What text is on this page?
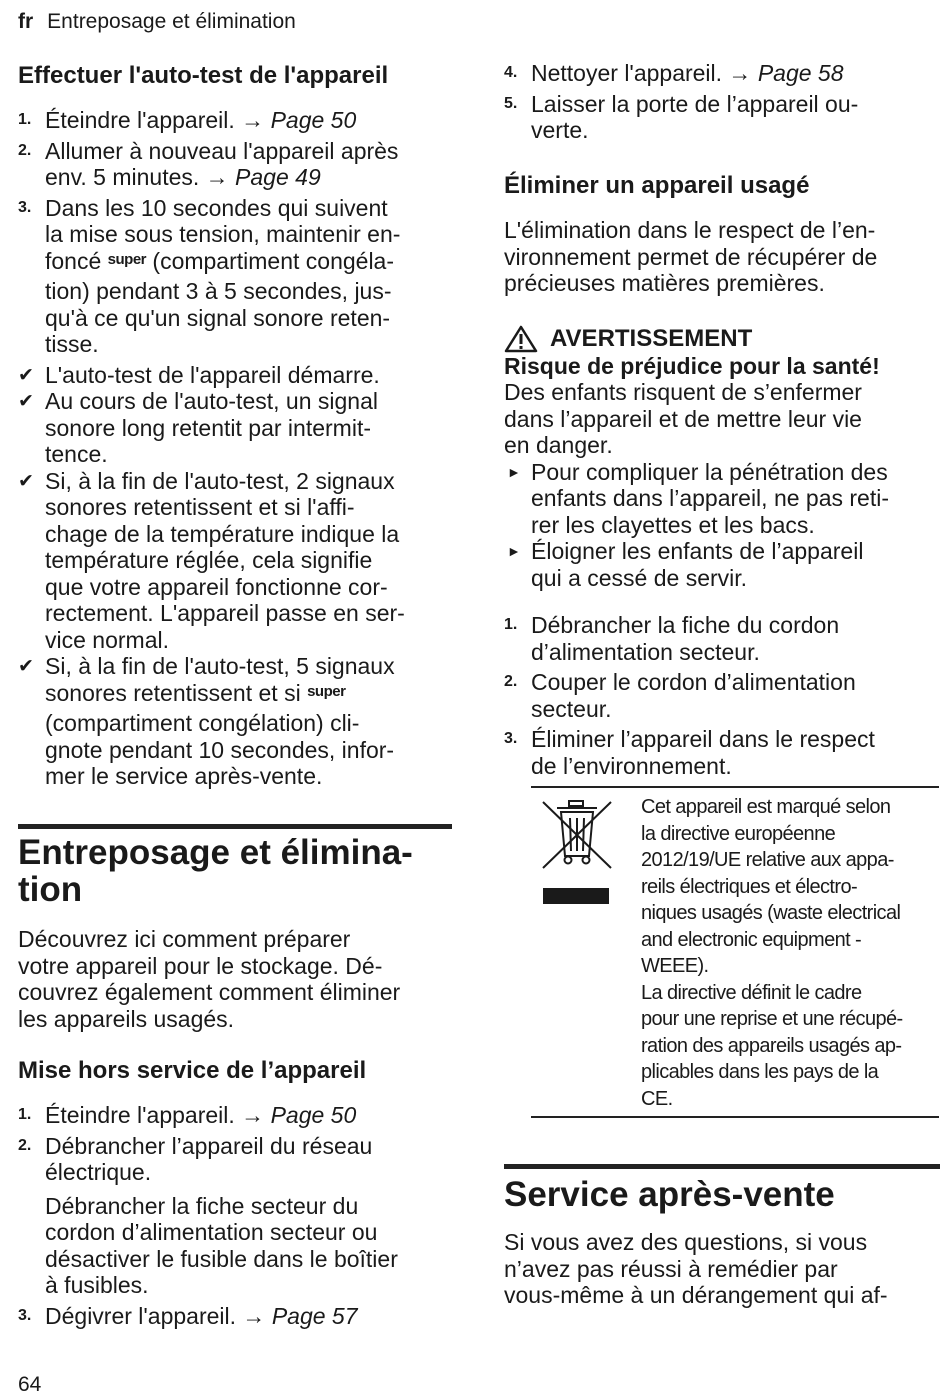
fr Entreposage et élimination
Effectuer l'auto-test de l'appareil
1. Éteindre l'appareil. → Page 50
2. Allumer à nouveau l'appareil après
env. 5 minutes. → Page 49
3. Dans les 10 secondes qui suivent
la mise sous tension, maintenir en-
foncé $^{super}$ (compartiment congéla-
tion) pendant 3 à 5 secondes, jus-
qu'à ce qu'un signal sonore reten-
tisse.
✔ L'auto-test de l'appareil démarre.
✔ Au cours de l'auto-test, un signal
sonore long retentit par intermit-
tence.
✔ Si, à la fin de l'auto-test, 2 signaux
sonores retentissent et si l'affi-
chage de la température indique la
température réglée, cela signifie
que votre appareil fonctionne cor-
rectement. L'appareil passe en ser-
vice normal.
✔ Si, à la fin de l'auto-test, 5 signaux
sonores retentissent et si $^{super}$
(compartiment congélation) cli-
gnote pendant 10 secondes, infor-
mer le service après-vente.
Entreposage et élimina-
tion

Découvrez ici comment préparer
votre appareil pour le stockage. Dé-
couvrez également comment éliminer
les appareils usagés.

Mise hors service de l’appareil
1. Éteindre l'appareil. → Page 50
2. Débrancher l’appareil du réseau
électrique.
Débrancher la fiche secteur du
cordon d’alimentation secteur ou
désactiver le fusible dans le boîtier
à fusibles.
3. Dégivrer l'appareil. → Page 57
4. Nettoyer l'appareil. → Page 58
5. Laisser la porte de l’appareil ou-
verte.
Éliminer un appareil usagé

L'élimination dans le respect de l’en-
vironnement permet de récupérer de
précieuses matières premières.

AVERTISSEMENT
Risque de préjudice pour la santé!

Des enfants risquent de s’enfermer
dans l’appareil et de mettre leur vie
en danger.

► Pour compliquer la pénétration des
enfants dans l’appareil, ne pas reti-
rer les clayettes et les bacs.
► Éloigner les enfants de l’appareil
qui a cessé de servir.
1. Débrancher la fiche du cordon
d’alimentation secteur.
2. Couper le cordon d’alimentation
secteur.
3. Éliminer l’appareil dans le respect
de l’environnement.
Cet appareil est marqué selon
la directive européenne
2012/19/UE relative aux appa-
reils électriques et électro-
niques usagés (waste electrical
and electronic equipment -
WEEE).
La directive définit le cadre
pour une reprise et une récupé-
ration des appareils usagés ap-
plicables dans les pays de la
CE.
Service après-vente

Si vous avez des questions, si vous
n’avez pas réussi à remédier par
vous-même à un dérangement qui af-

64
